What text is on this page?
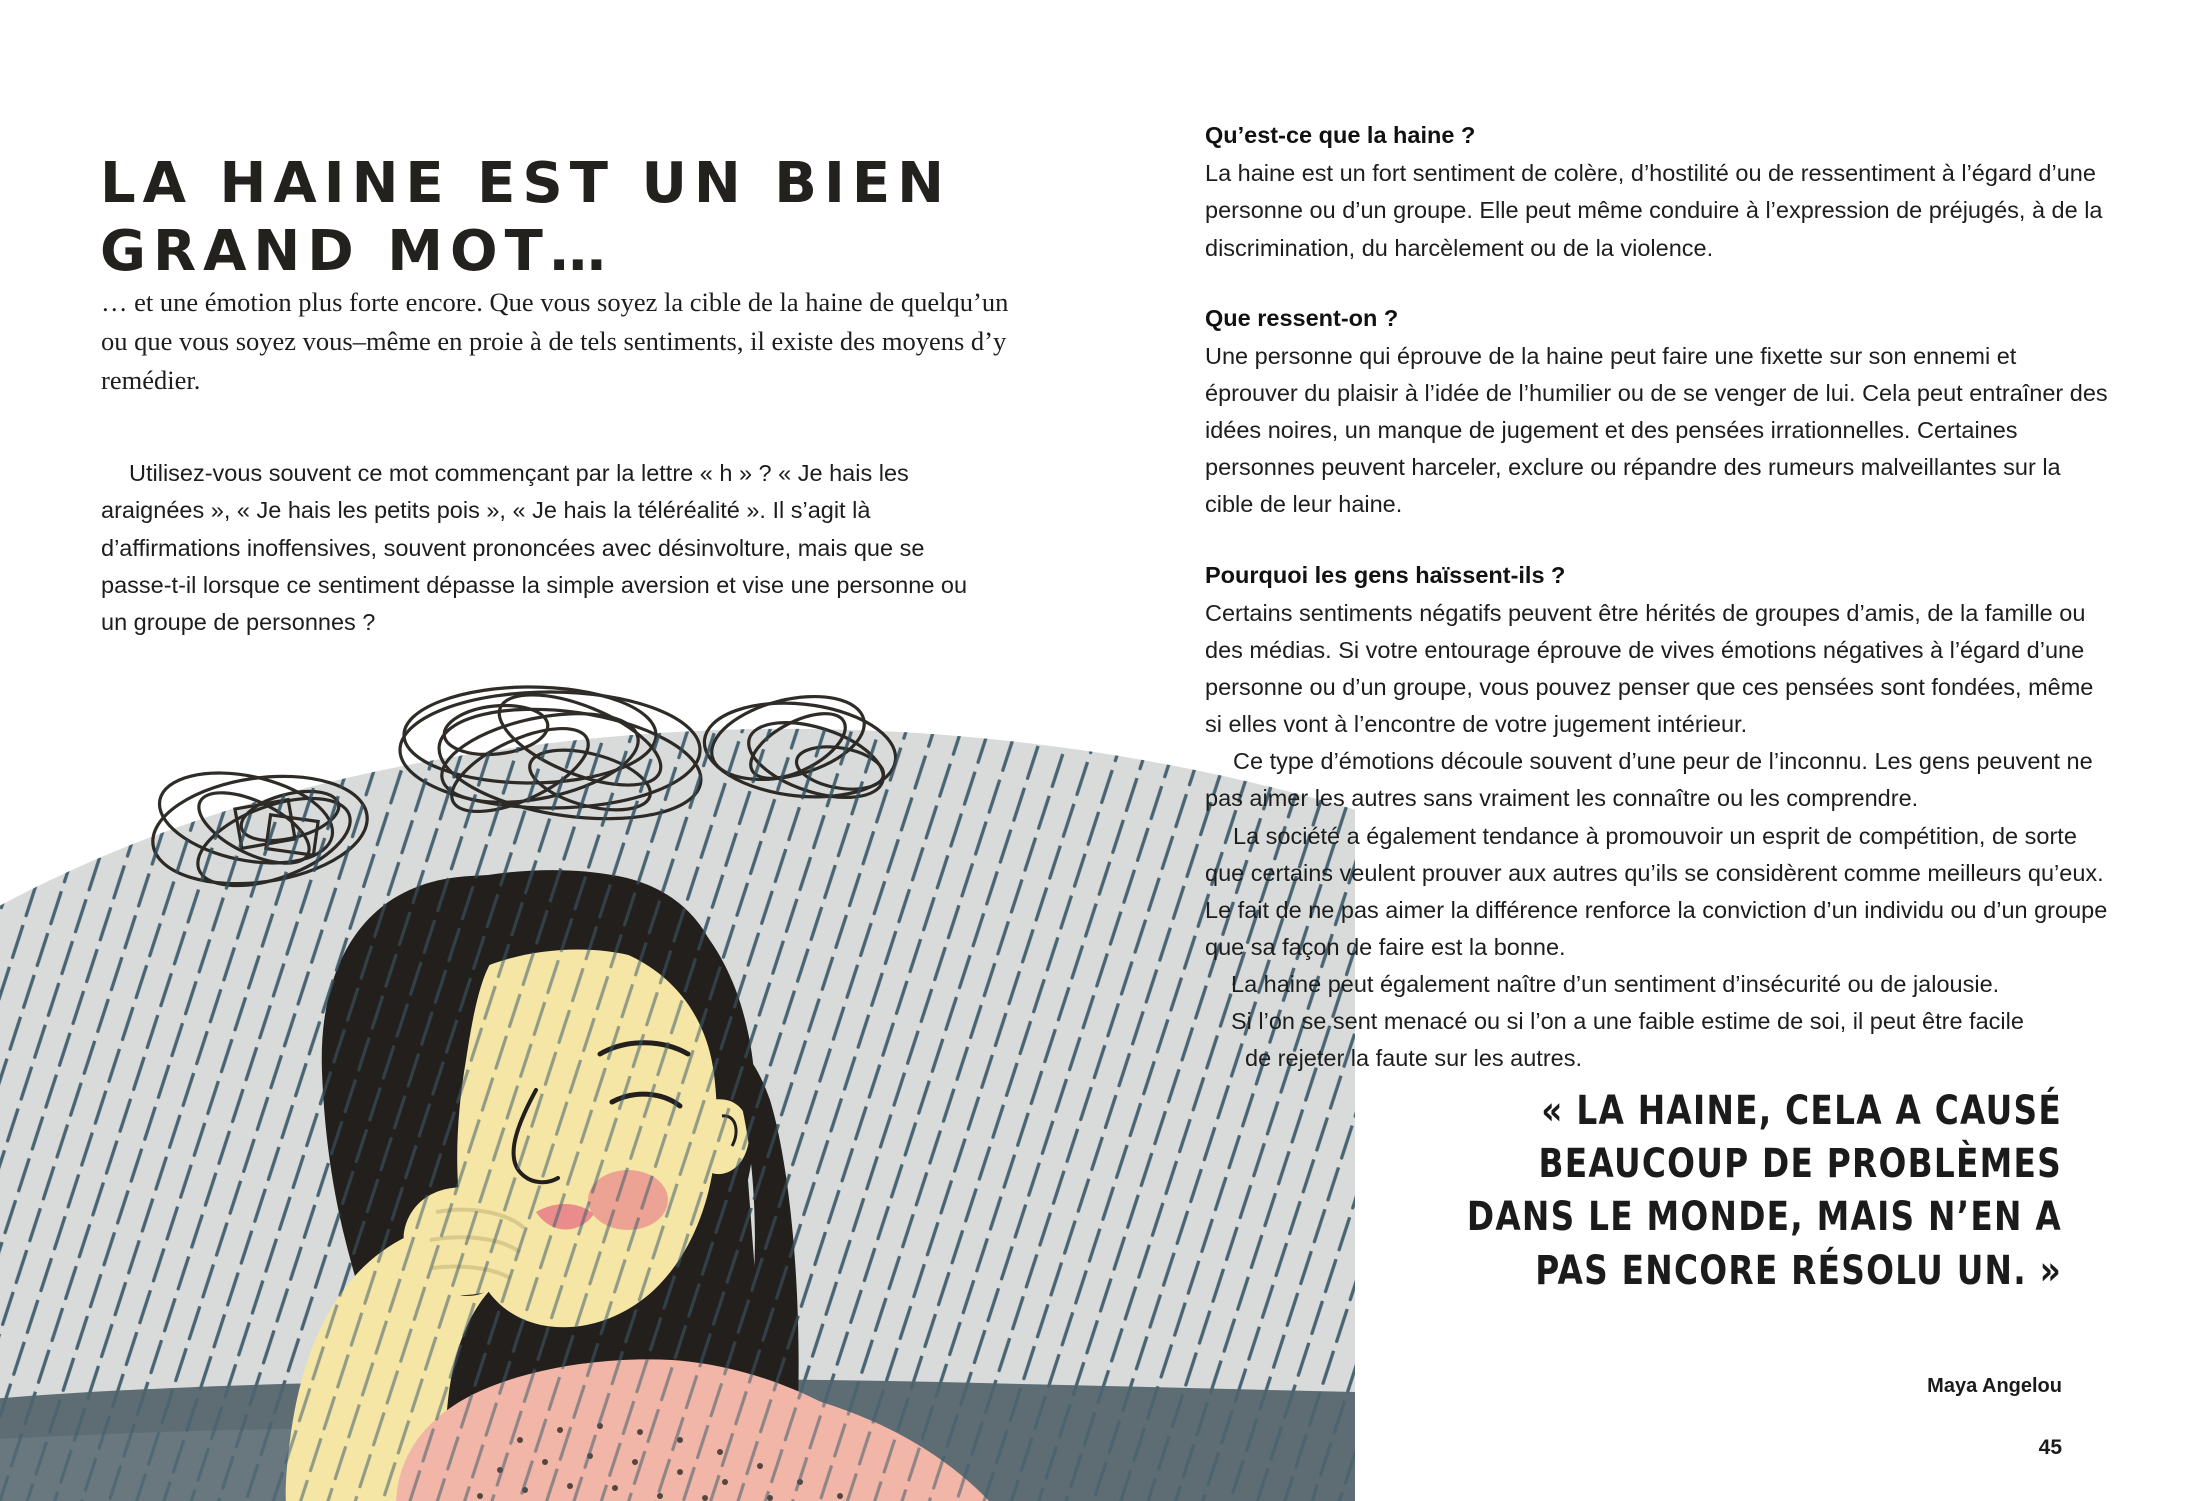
LA HAINE EST UN BIEN GRAND MOT…
… et une émotion plus forte encore. Que vous soyez la cible de la haine de quelqu’un ou que vous soyez vous–même en proie à de tels sentiments, il existe des moyens d’y remédier.

Utilisez-vous souvent ce mot commençant par la lettre « h » ? « Je hais les araignées », « Je hais les petits pois », « Je hais la téléréalité ». Il s’agit là d’affirmations inoffensives, souvent prononcées avec désinvolture, mais que se passe-t-il lorsque ce sentiment dépasse la simple aversion et vise une personne ou un groupe de personnes ?

Qu’est-ce que la haine ?

La haine est un fort sentiment de colère, d’hostilité ou de ressentiment à l’égard d’une personne ou d’un groupe. Elle peut même conduire à l’expression de préjugés, à de la discrimination, du harcèlement ou de la violence.

Que ressent-on ?

Une personne qui éprouve de la haine peut faire une fixette sur son ennemi et éprouver du plaisir à l’idée de l’humilier ou de se venger de lui. Cela peut entraîner des idées noires, un manque de jugement et des pensées irrationnelles. Certaines personnes peuvent harceler, exclure ou répandre des rumeurs malveillantes sur la cible de leur haine.

Pourquoi les gens haïssent-ils ?

Certains sentiments négatifs peuvent être hérités de groupes d’amis, de la famille ou des médias. Si votre entourage éprouve de vives émotions négatives à l’égard d’une personne ou d’un groupe, vous pouvez penser que ces pensées sont fondées, même si elles vont à l’encontre de votre jugement intérieur.

Ce type d’émotions découle souvent d’une peur de l’inconnu. Les gens peuvent ne pas aimer les autres sans vraiment les connaître ou les comprendre.

La société a également tendance à promouvoir un esprit de compétition, de sorte que certains veulent prouver aux autres qu’ils se considèrent comme meilleurs qu’eux. Le fait de ne pas aimer la différence renforce la conviction d’un individu ou d’un groupe que sa façon de faire est la bonne.

La haine peut également naître d’un sentiment d’insécurité ou de jalousie.

Si l’on se sent menacé ou si l’on a une faible estime de soi, il peut être facile

de rejeter la faute sur les autres.

« LA HAINE, CELA A CAUSÉ BEAUCOUP DE PROBLÈMES DANS LE MONDE, MAIS N’EN A PAS ENCORE RÉSOLU UN. »
Maya Angelou
45
